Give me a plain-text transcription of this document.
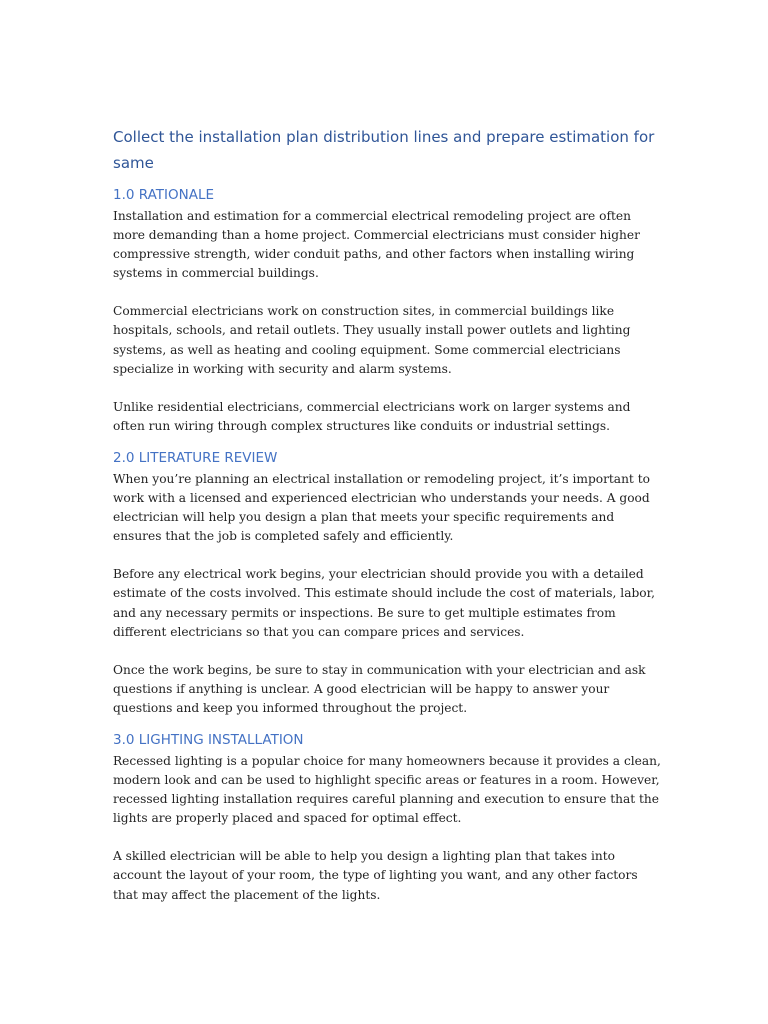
Collect the installation plan distribution lines and prepare estimation for same
1.0 RATIONALE

Installation and estimation for a commercial electrical remodeling project are often more demanding than a home project. Commercial electricians must consider higher compressive strength, wider conduit paths, and other factors when installing wiring systems in commercial buildings.

Commercial electricians work on construction sites, in commercial buildings like hospitals, schools, and retail outlets. They usually install power outlets and lighting systems, as well as heating and cooling equipment. Some commercial electricians specialize in working with security and alarm systems.

Unlike residential electricians, commercial electricians work on larger systems and often run wiring through complex structures like conduits or industrial settings.

2.0 LITERATURE REVIEW

When you’re planning an electrical installation or remodeling project, it’s important to work with a licensed and experienced electrician who understands your needs. A good electrician will help you design a plan that meets your specific requirements and ensures that the job is completed safely and efficiently.

Before any electrical work begins, your electrician should provide you with a detailed estimate of the costs involved. This estimate should include the cost of materials, labor, and any necessary permits or inspections. Be sure to get multiple estimates from different electricians so that you can compare prices and services.

Once the work begins, be sure to stay in communication with your electrician and ask questions if anything is unclear. A good electrician will be happy to answer your questions and keep you informed throughout the project.

3.0 LIGHTING INSTALLATION

Recessed lighting is a popular choice for many homeowners because it provides a clean, modern look and can be used to highlight specific areas or features in a room. However, recessed lighting installation requires careful planning and execution to ensure that the lights are properly placed and spaced for optimal effect.

A skilled electrician will be able to help you design a lighting plan that takes into account the layout of your room, the type of lighting you want, and any other factors that may affect the placement of the lights.
